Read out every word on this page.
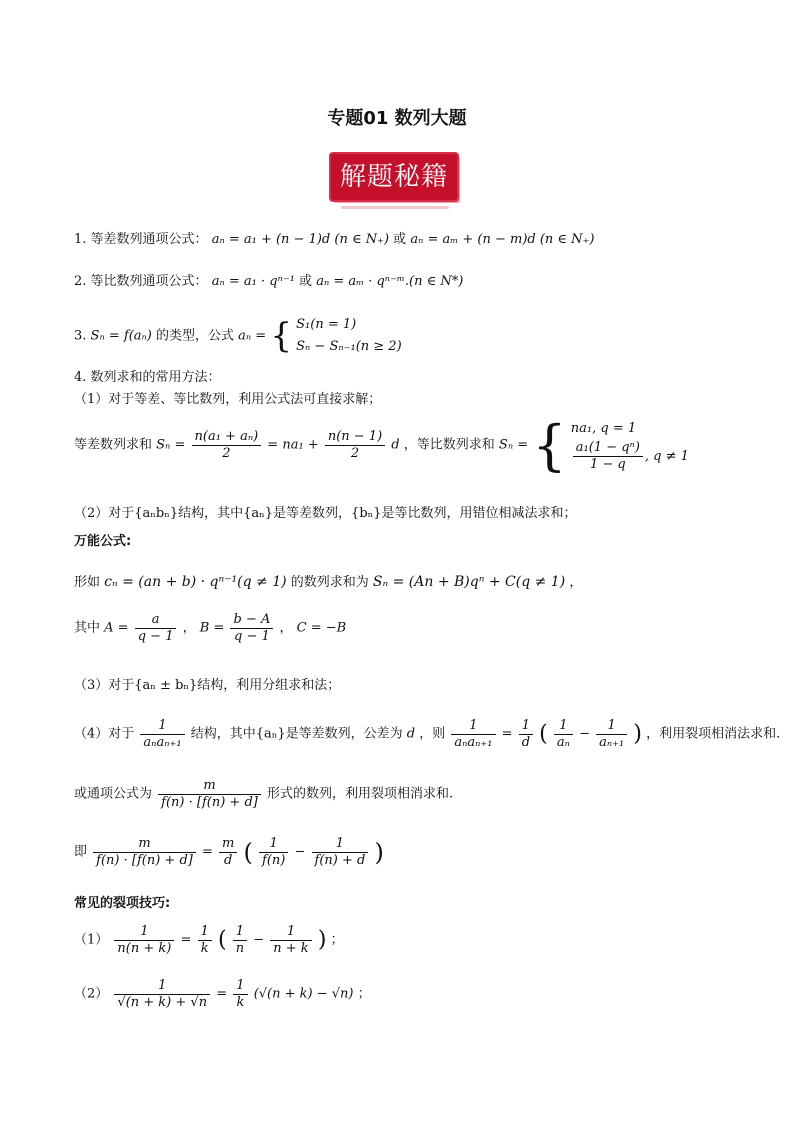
专题01 数列大题
解题秘籍
1. 等差数列通项公式： aₙ = a₁ + (n − 1)d (n ∈ N₊) 或 aₙ = aₘ + (n − m)d (n ∈ N₊)
2. 等比数列通项公式： aₙ = a₁ · qⁿ⁻¹ 或 aₙ = aₘ · qⁿ⁻ᵐ.(n ∈ N*)
3. Sₙ = f(aₙ) 的类型，公式 aₙ = { S₁(n = 1)
Sₙ − Sₙ₋₁(n ≥ 2)
4. 数列求和的常用方法：
（1）对于等差、等比数列，利用公式法可直接求解；
等差数列求和 $S_n = \frac{\text{n(a₁ + aₙ)}}{2} = na_1 + \frac{n(n - 1)}{2}$ d ，等比数列求和 Sₙ = { na₁, q = 1
$\frac{\text{a₁(1 − qⁿ)}}{1 - q}$ , q ≠ 1
（2）对于{aₙbₙ}结构，其中{aₙ}是等差数列，{bₙ}是等比数列，用错位相减法求和；
万能公式:
形如 cₙ = (an + b) · qⁿ⁻¹(q ≠ 1) 的数列求和为 Sₙ = (An + B)qⁿ + C(q ≠ 1) ，
其中 $A = \frac{a}{q - 1}$ ， $B = \frac{b - A}{q - 1}$ ， C = −B
（3）对于{aₙ ± bₙ}结构，利用分组求和法；
（4）对于 $\frac{1}{\text{aₙaₙ₊₁}}$ 结构，其中{aₙ}是等差数列，公差为 d ，则 $\frac{1}{\text{aₙaₙ₊₁}} = \frac{1}{d}$ ( $\frac{1}{\text{aₙ}} - \frac{1}{\text{aₙ₊₁}}$ ) ，利用裂项相消法求和.
或通项公式为 $\frac{m}{f(n) \cdot [f(n) + d]}$ 形式的数列，利用裂项相消求和.
即 $\frac{m}{f(n) \cdot [f(n) + d]} = \frac{m}{d}$ ( $\frac{1}{f(n)} - \frac{1}{f(n) + d}$ )
常见的裂项技巧:
$(1) \frac{1}{n(n + k)} = \frac{1}{k}$ ( $\frac{1}{n} - \frac{1}{n + k}$ ) ；
$(2) \frac{1}{√(n + k) + √n} = \frac{1}{k} (√(n + k) - √n)$ ；
